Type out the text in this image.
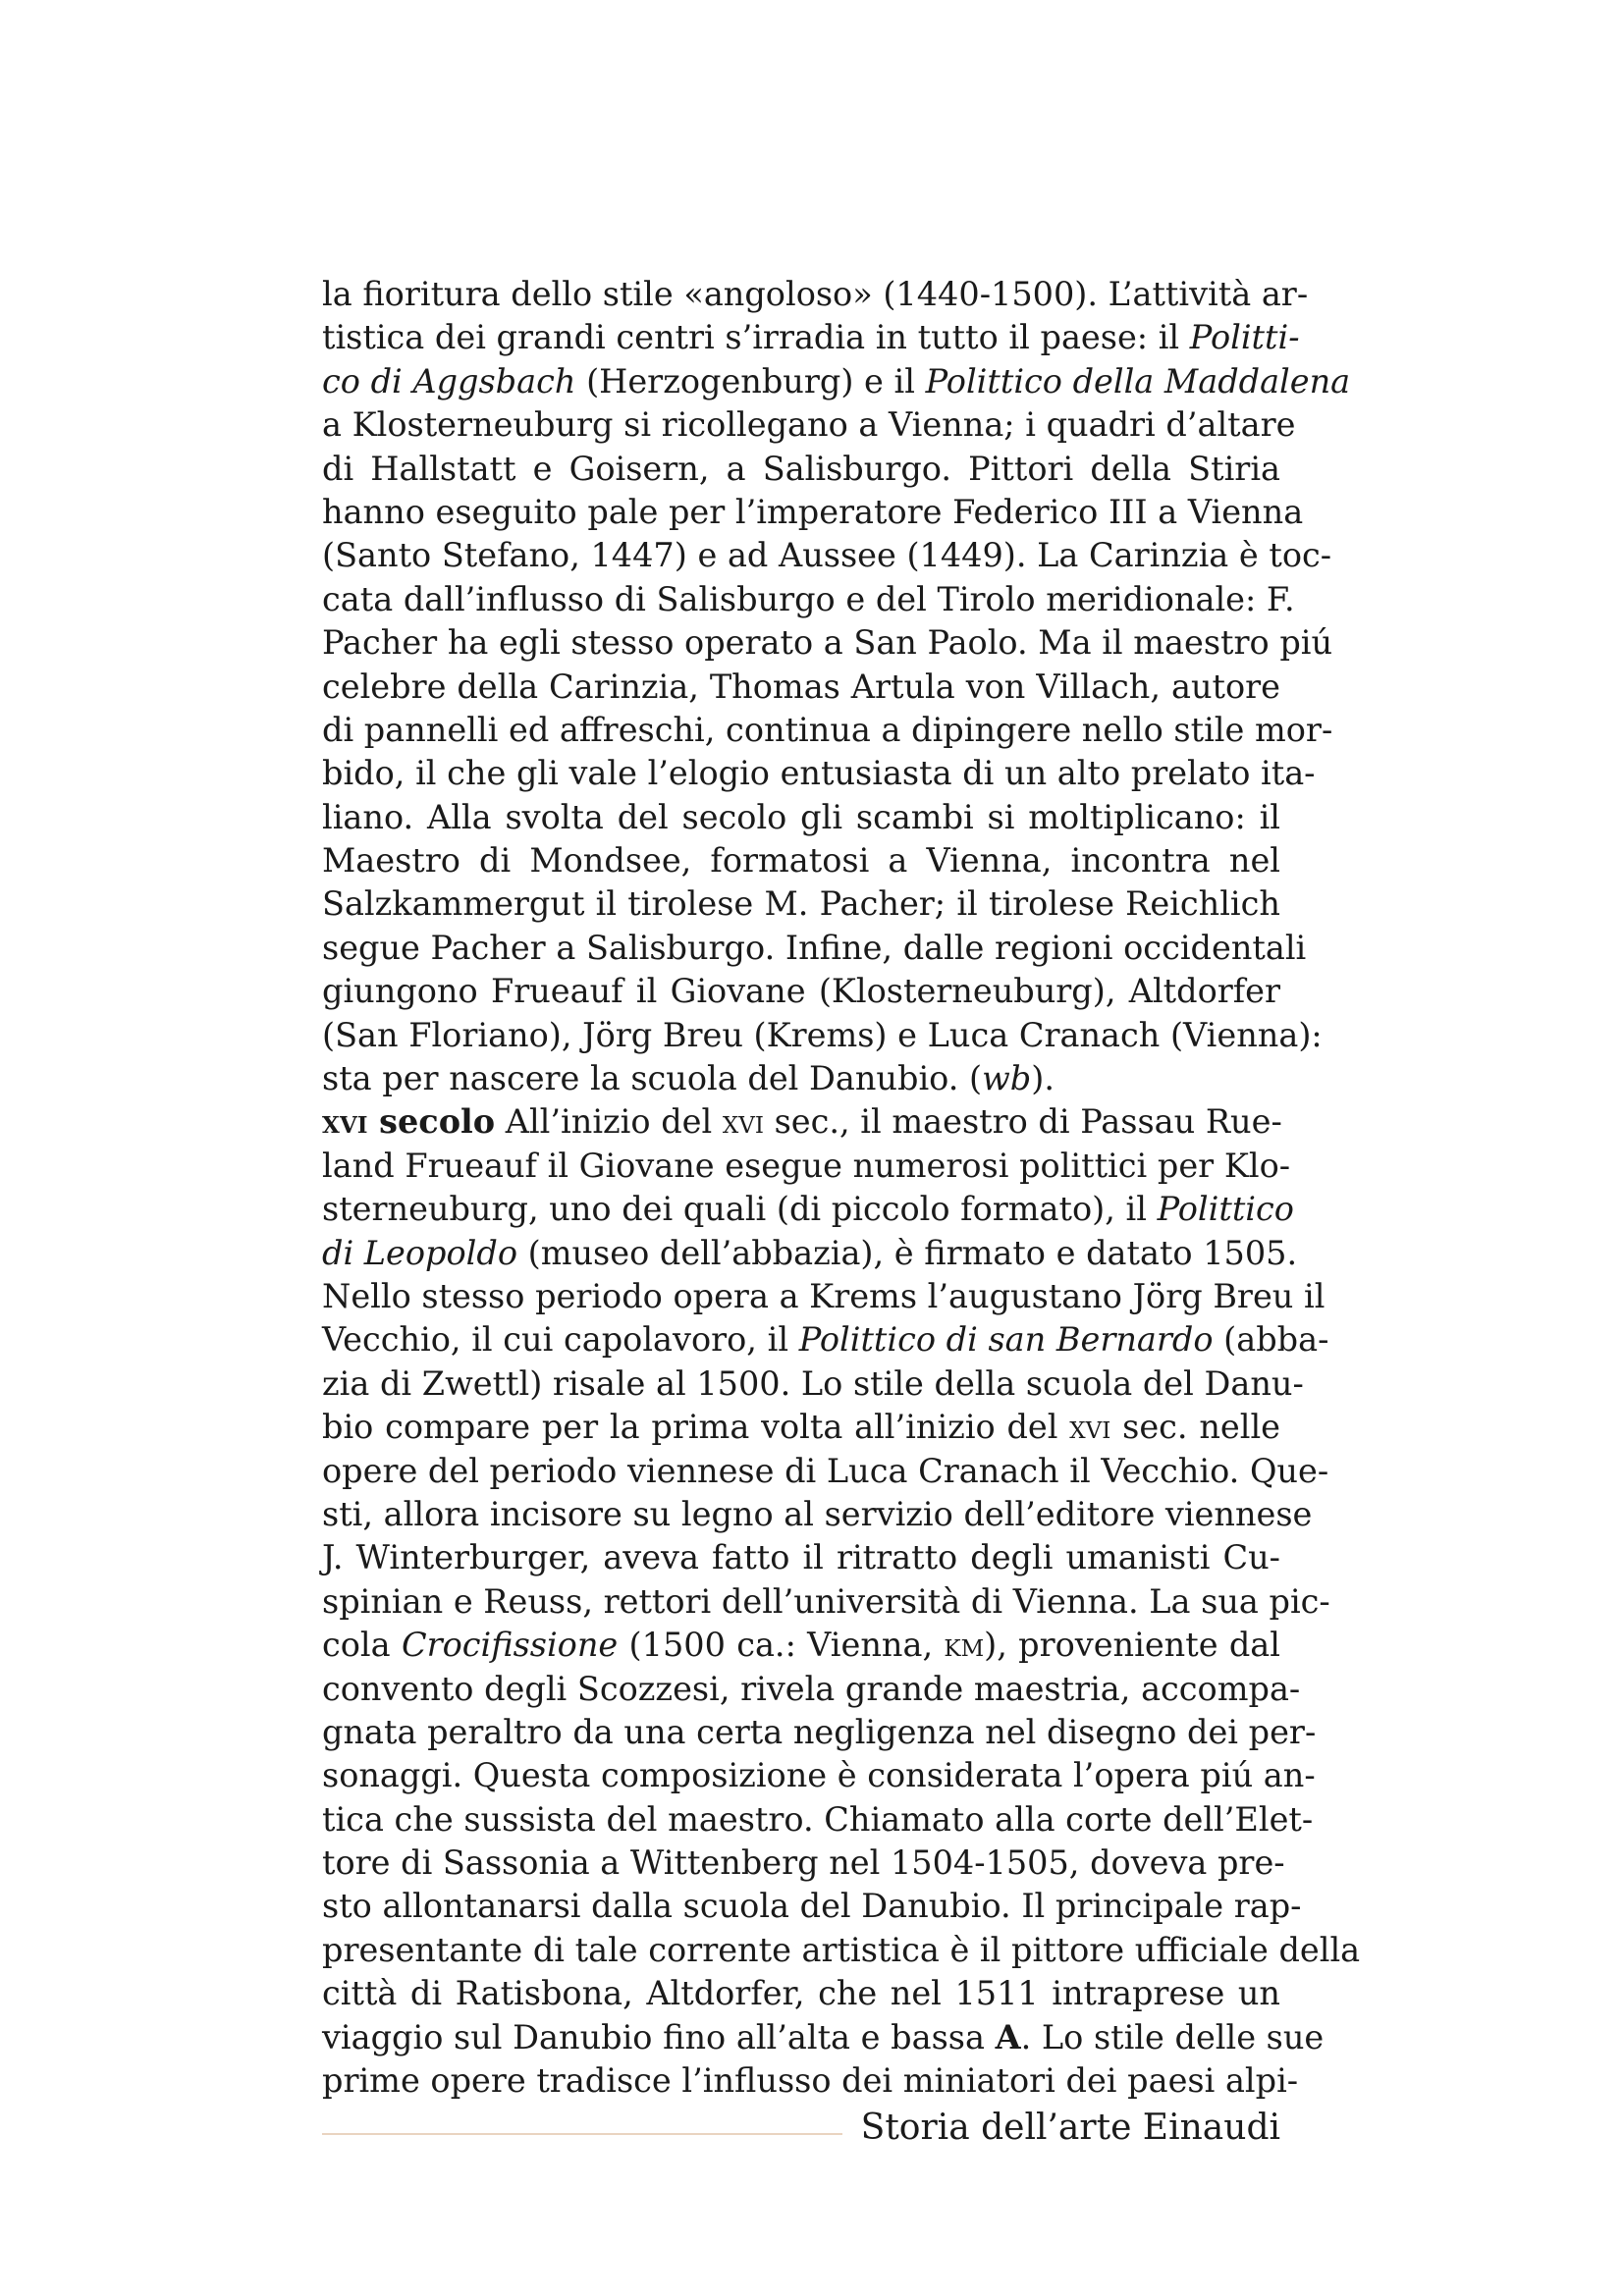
la fioritura dello stile «angoloso» (1440-1500). L’attività ar-
tistica dei grandi centri s’irradia in tutto il paese: il Politti-
co di Aggsbach (Herzogenburg) e il Polittico della Maddalena
a Klosterneuburg si ricollegano a Vienna; i quadri d’altare
di Hallstatt e Goisern, a Salisburgo. Pittori della Stiria
hanno eseguito pale per l’imperatore Federico III a Vienna
(Santo Stefano, 1447) e ad Aussee (1449). La Carinzia è toc-
cata dall’influsso di Salisburgo e del Tirolo meridionale: F.
Pacher ha egli stesso operato a San Paolo. Ma il maestro piú
celebre della Carinzia, Thomas Artula von Villach, autore
di pannelli ed affreschi, continua a dipingere nello stile mor-
bido, il che gli vale l’elogio entusiasta di un alto prelato ita-
liano. Alla svolta del secolo gli scambi si moltiplicano: il
Maestro di Mondsee, formatosi a Vienna, incontra nel
Salzkammergut il tirolese M. Pacher; il tirolese Reichlich
segue Pacher a Salisburgo. Infine, dalle regioni occidentali
giungono Frueauf il Giovane (Klosterneuburg), Altdorfer
(San Floriano), Jörg Breu (Krems) e Luca Cranach (Vienna):
sta per nascere la scuola del Danubio. (wb).
xvi secolo All’inizio del xvi sec., il maestro di Passau Rue-
land Frueauf il Giovane esegue numerosi polittici per Klo-
sterneuburg, uno dei quali (di piccolo formato), il Polittico
di Leopoldo (museo dell’abbazia), è firmato e datato 1505.
Nello stesso periodo opera a Krems l’augustano Jörg Breu il
Vecchio, il cui capolavoro, il Polittico di san Bernardo (abba-
zia di Zwettl) risale al 1500. Lo stile della scuola del Danu-
bio compare per la prima volta all’inizio del xvi sec. nelle
opere del periodo viennese di Luca Cranach il Vecchio. Que-
sti, allora incisore su legno al servizio dell’editore viennese
J. Winterburger, aveva fatto il ritratto degli umanisti Cu-
spinian e Reuss, rettori dell’università di Vienna. La sua pic-
cola Crocifissione (1500 ca.: Vienna, km), proveniente dal
convento degli Scozzesi, rivela grande maestria, accompa-
gnata peraltro da una certa negligenza nel disegno dei per-
sonaggi. Questa composizione è considerata l’opera piú an-
tica che sussista del maestro. Chiamato alla corte dell’Elet-
tore di Sassonia a Wittenberg nel 1504-1505, doveva pre-
sto allontanarsi dalla scuola del Danubio. Il principale rap-
presentante di tale corrente artistica è il pittore ufficiale della
città di Ratisbona, Altdorfer, che nel 1511 intraprese un
viaggio sul Danubio fino all’alta e bassa A. Lo stile delle sue
prime opere tradisce l’influsso dei miniatori dei paesi alpi-
Storia dell’arte Einaudi
